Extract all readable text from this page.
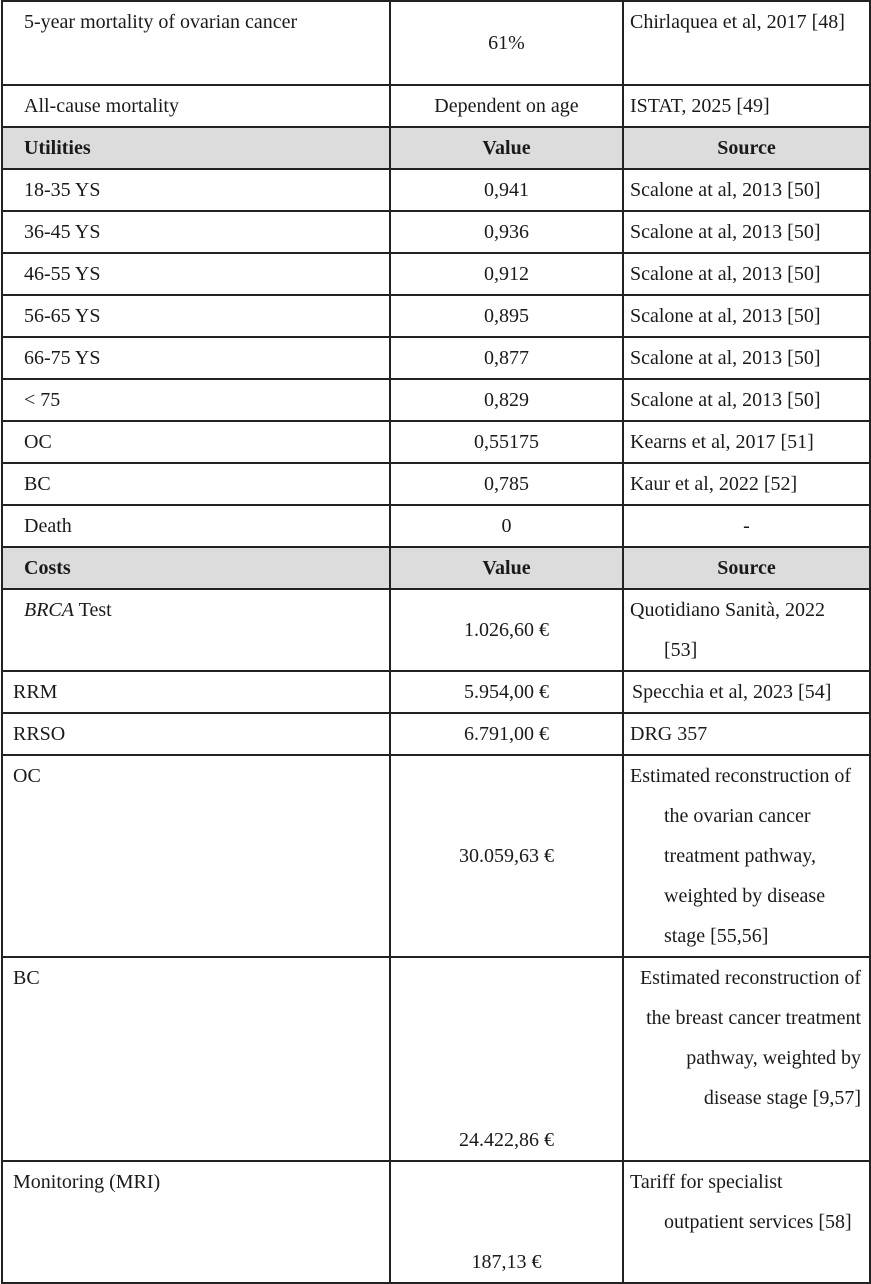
5-year mortality of ovarian cancer	61%	Chirlaquea et al, 2017 [48]
All-cause mortality	Dependent on age	ISTAT, 2025 [49]
Utilities	Value	Source
18-35 YS	0,941	Scalone at al, 2013 [50]
36-45 YS	0,936	Scalone at al, 2013 [50]
46-55 YS	0,912	Scalone at al, 2013 [50]
56-65 YS	0,895	Scalone at al, 2013 [50]
66-75 YS	0,877	Scalone at al, 2013 [50]
< 75	0,829	Scalone at al, 2013 [50]
OC	0,55175	Kearns et al, 2017 [51]
BC	0,785	Kaur et al, 2022 [52]
Death	0	-
Costs	Value	Source
BRCA Test	1.026,60 €	Quotidiano Sanità, 2022 [53]
RRM	5.954,00 €	Specchia et al, 2023 [54]
RRSO	6.791,00 €	DRG 357
OC	30.059,63 €	Estimated reconstruction of the ovarian cancer treatment pathway, weighted by disease stage [55,56]
BC	24.422,86 €	Estimated reconstruction of the breast cancer treatment pathway, weighted by disease stage [9,57]
Monitoring (MRI)	187,13 €	Tariff for specialist outpatient services [58]
